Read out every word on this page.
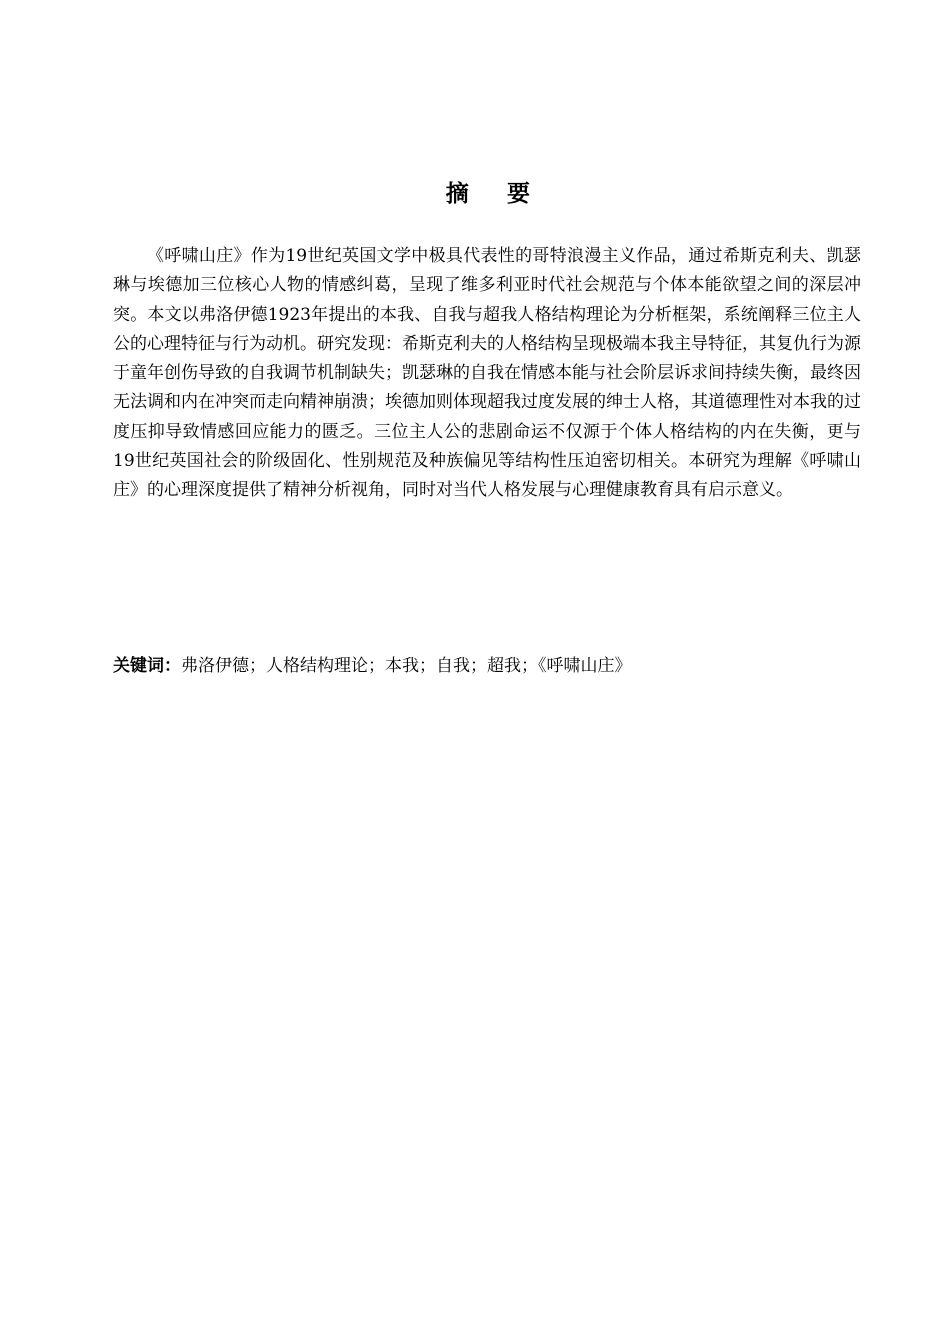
摘 要

《呼啸山庄》作为19世纪英国文学中极具代表性的哥特浪漫主义作品，通过希斯克利夫、凯瑟琳与埃德加三位核心人物的情感纠葛，呈现了维多利亚时代社会规范与个体本能欲望之间的深层冲突。本文以弗洛伊德1923年提出的本我、自我与超我人格结构理论为分析框架，系统阐释三位主人公的心理特征与行为动机。研究发现：希斯克利夫的人格结构呈现极端本我主导特征，其复仇行为源于童年创伤导致的自我调节机制缺失；凯瑟琳的自我在情感本能与社会阶层诉求间持续失衡，最终因无法调和内在冲突而走向精神崩溃；埃德加则体现超我过度发展的绅士人格，其道德理性对本我的过度压抑导致情感回应能力的匮乏。三位主人公的悲剧命运不仅源于个体人格结构的内在失衡，更与19世纪英国社会的阶级固化、性别规范及种族偏见等结构性压迫密切相关。本研究为理解《呼啸山庄》的心理深度提供了精神分析视角，同时对当代人格发展与心理健康教育具有启示意义。

关键词：弗洛伊德；人格结构理论；本我；自我；超我；《呼啸山庄》
